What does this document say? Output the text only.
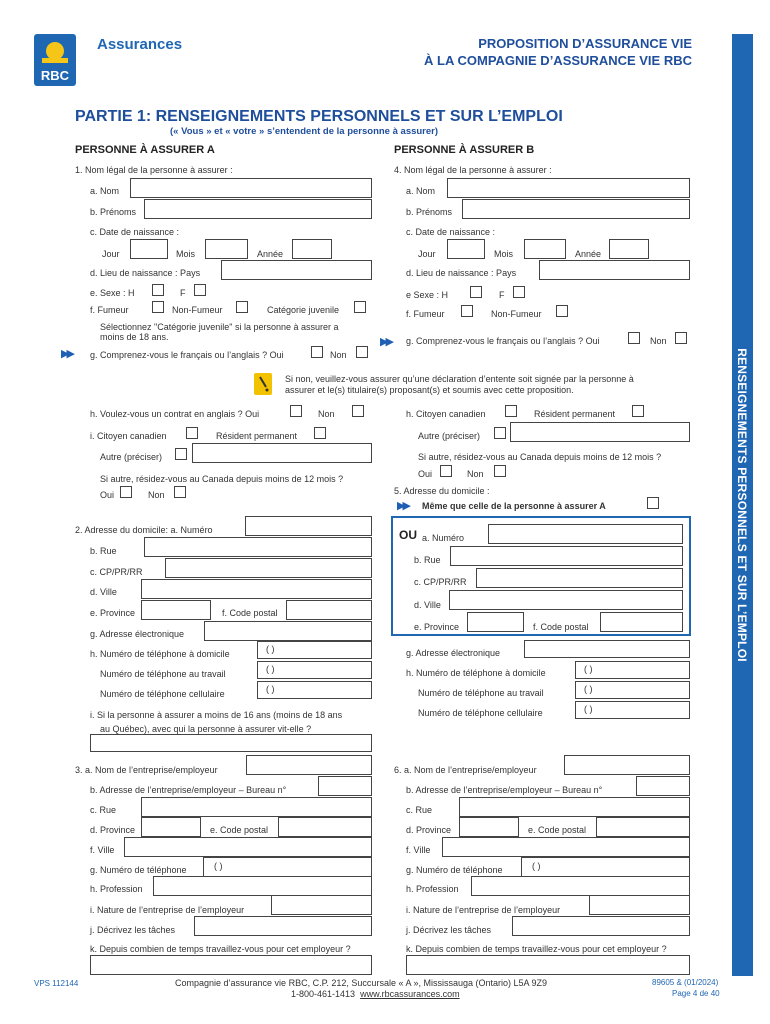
RBC
Assurances	PROPOSITION D’ASSURANCE VIE
À LA COMPAGNIE D’ASSURANCE VIE RBC
RENSEIGNEMENTS PERSONNELS ET SUR L’EMPLOI
PARTIE 1: RENSEIGNEMENTS PERSONNELS ET SUR L’EMPLOI
(« Vous » et « votre » s’entendent de la personne à assurer)
PERSONNE À ASSURER A
1. Nom légal de la personne à assurer :
a. Nom
b. Prénoms
c. Date de naissance :
Jour	Mois	Année
d. Lieu de naissance : Pays
e. Sexe : H	F
f. Fumeur	Non-Fumeur	Catégorie juvenile
Sélectionnez "Catégorie juvenile" si la personne à assurer a
moins de 18 ans.
▶▶ g. Comprenez-vous le français ou l’anglais ? Oui	Non
Si non, veuillez-vous assurer qu’une déclaration d’entente soit signée par la personne à
assurer et le(s) titulaire(s) proposant(s) et soumis avec cette proposition.
h. Voulez-vous un contrat en anglais ? Oui	Non
i. Citoyen canadien	Résident permanent
Autre (préciser)
Si autre, résidez-vous au Canada depuis moins de 12 mois ?
Oui	Non
2. Adresse du domicile: a. Numéro
b. Rue
c. CP/PR/RR
d. Ville
e. Province	f. Code postal
g. Adresse électronique
h. Numéro de téléphone à domicile	( )
Numéro de téléphone au travail	( )
Numéro de téléphone cellulaire	( )
i. Si la personne à assurer a moins de 16 ans (moins de 18 ans
au Québec), avec qui la personne à assurer vit-elle ?
3. a. Nom de l’entreprise/employeur
b. Adresse de l’entreprise/employeur – Bureau n°
c. Rue
d. Province	e. Code postal
f. Ville
g. Numéro de téléphone	( )
h. Profession
i. Nature de l’entreprise de l’employeur
j. Décrivez les tâches
k. Depuis combien de temps travaillez-vous pour cet employeur ?
PERSONNE À ASSURER B
4. Nom légal de la personne à assurer :
a. Nom
b. Prénoms
c. Date de naissance :
Jour	Mois	Année
d. Lieu de naissance : Pays
e Sexe : H	F
f. Fumeur	Non-Fumeur
▶▶ g. Comprenez-vous le français ou l’anglais ? Oui	Non
h. Citoyen canadien	Résident permanent
Autre (préciser)
Si autre, résidez-vous au Canada depuis moins de 12 mois ?
Oui	Non
5. Adresse du domicile :
▶▶ Même que celle de la personne à assurer A
OU a. Numéro
b. Rue
c. CP/PR/RR
d. Ville
e. Province	f. Code postal
g. Adresse électronique
h. Numéro de téléphone à domicile	( )
Numéro de téléphone au travail	( )
Numéro de téléphone cellulaire	( )
6. a. Nom de l’entreprise/employeur
b. Adresse de l’entreprise/employeur – Bureau n°
c. Rue
d. Province	e. Code postal
f. Ville
g. Numéro de téléphone	( )
h. Profession
i. Nature de l’entreprise de l’employeur
j. Décrivez les tâches
k. Depuis combien de temps travaillez-vous pour cet employeur ?
VPS 112144	Compagnie d’assurance vie RBC, C.P. 212, Succursale « A », Mississauga (Ontario) L5A 9Z9
1-800-461-1413 www.rbcassurances.com
89605 & (01/2024)
Page 4 de 40
